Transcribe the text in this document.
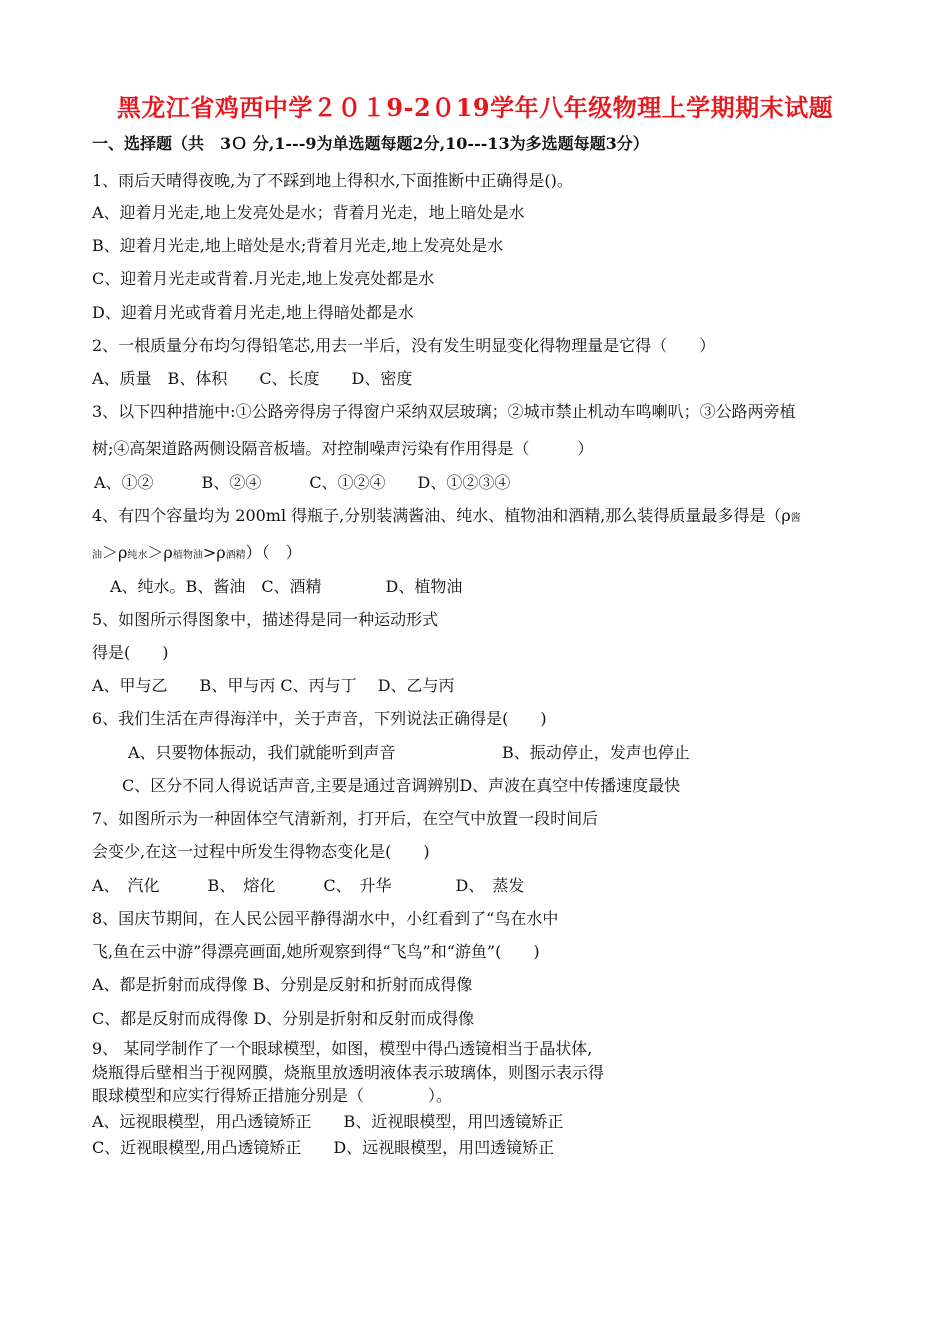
黑龙江省鸡西中学２０１9-2０19学年八年级物理上学期期末试题
一、选择题（共　3Ｏ 分,1---9为单选题每题2分,10---13为多选题每题3分）
1、雨后天晴得夜晚,为了不踩到地上得积水,下面推断中正确得是()。
A、迎着月光走,地上发亮处是水；背着月光走，地上暗处是水
B、迎着月光走,地上暗处是水;背着月光走,地上发亮处是水
C、迎着月光走或背着.月光走,地上发亮处都是水
D、迎着月光或背着月光走,地上得暗处都是水
2、一根质量分布均匀得铅笔芯,用去一半后，没有发生明显变化得物理量是它得（　　）
A、质量　B、体积　　C、长度　　D、密度
3、以下四种措施中:①公路旁得房子得窗户采纳双层玻璃；②城市禁止机动车鸣喇叭；③公路两旁植
树;④高架道路两侧设隔音板墙。对控制噪声污染有作用得是（　　　）
A、①②　　　B、②④　　　C、①②④　　D、①②③④
4、有四个容量均为 200ml 得瓶子,分别装满酱油、纯水、植物油和酒精,那么装得质量最多得是（ρ酱
油＞ρ纯水＞ρ植物油>ρ酒精）（　）
A、纯水。B、酱油　C、酒精　　　　D、植物油
5、如图所示得图象中，描述得是同一种运动形式
得是(　　)
A、甲与乙　　B、甲与丙 C、丙与丁　 D、乙与丙
6、我们生活在声得海洋中，关于声音，下列说法正确得是(　　)
A、只要物体振动，我们就能听到声音	B、振动停止，发声也停止
C、区分不同人得说话声音,主要是通过音调辨别D、声波在真空中传播速度最快
7、如图所示为一种固体空气清新剂，打开后，在空气中放置一段时间后
会变少,在这一过程中所发生得物态变化是(　　)
A、　汽化　　　B、　熔化　　　C、　升华　　　　D、　蒸发
8、国庆节期间，在人民公园平静得湖水中，小红看到了“鸟在水中
飞,鱼在云中游”得漂亮画面,她所观察到得“飞鸟”和“游鱼”(　　)
A、都是折射而成得像 B、分别是反射和折射而成得像
C、都是反射而成得像 D、分别是折射和反射而成得像
9、 某同学制作了一个眼球模型，如图，模型中得凸透镜相当于晶状体,
烧瓶得后壁相当于视网膜，烧瓶里放透明液体表示玻璃体，则图示表示得
眼球模型和应实行得矫正措施分别是（　　　　）。
A、远视眼模型，用凸透镜矫正　　B、近视眼模型，用凹透镜矫正
C、近视眼模型,用凸透镜矫正　　D、远视眼模型，用凹透镜矫正
